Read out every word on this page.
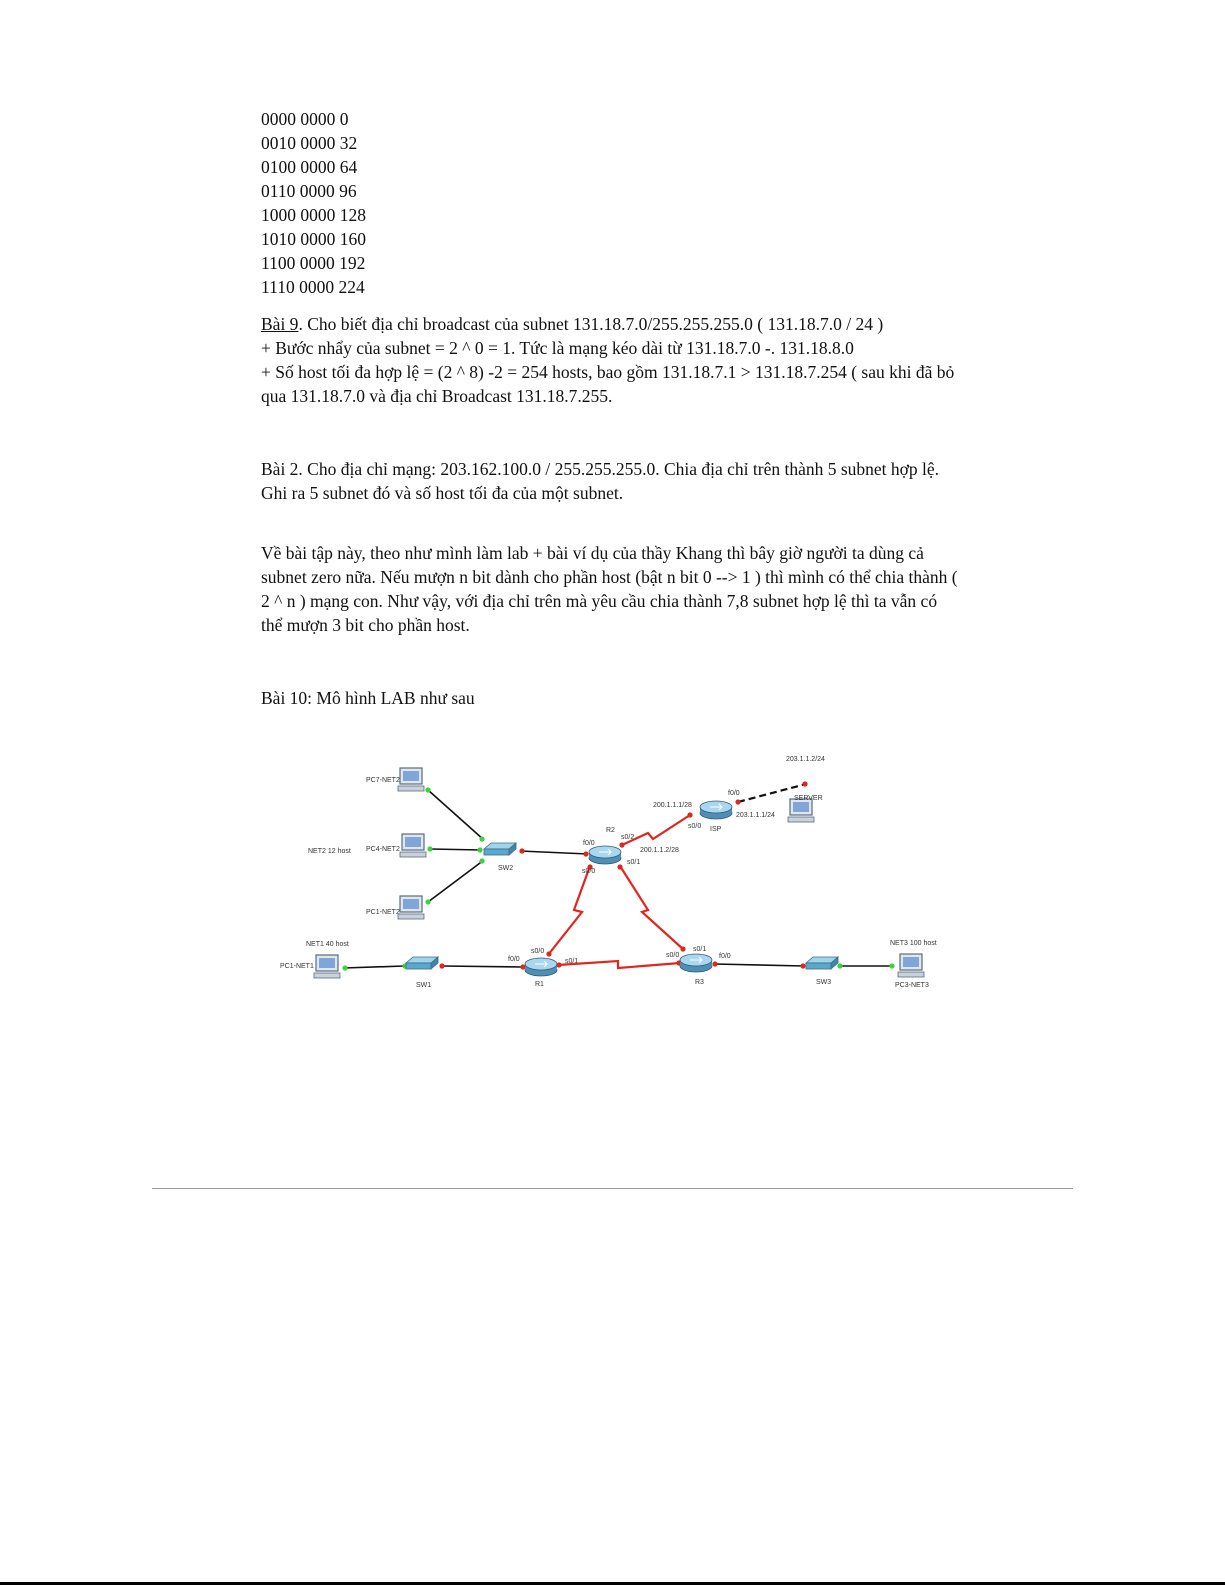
0000 0000 0
0010 0000 32
0100 0000 64
0110 0000 96
1000 0000 128
1010 0000 160
1100 0000 192
1110 0000 224

Bài 9. Cho biết địa chỉ broadcast của subnet 131.18.7.0/255.255.255.0 ( 131.18.7.0 / 24 )

+ Bước nhẩy của subnet = 2 ^ 0 = 1. Tức là mạng kéo dài từ 131.18.7.0 -. 131.18.8.0

+ Số host tối đa hợp lệ = (2 ^ 8) -2 = 254 hosts, bao gồm 131.18.7.1 > 131.18.7.254 ( sau khi đã bỏ qua 131.18.7.0 và địa chỉ Broadcast 131.18.7.255.

Bài 2. Cho địa chỉ mạng: 203.162.100.0 / 255.255.255.0. Chia địa chỉ trên thành 5 subnet hợp lệ. Ghi ra 5 subnet đó và số host tối đa của một subnet.

Về bài tập này, theo như mình làm lab + bài ví dụ của thầy Khang thì bây giờ người ta dùng cả subnet zero nữa. Nếu mượn n bit dành cho phần host (bật n bit 0 --> 1 ) thì mình có thể chia thành ( 2 ^ n ) mạng con. Như vậy, với địa chỉ trên mà yêu cầu chia thành 7,8 subnet hợp lệ thì ta vẫn có thể mượn 3 bit cho phần host.

Bài 10: Mô hình LAB như sau

PC7-NET2
PC4-NET2
PC1-NET2
NET2 12 host
SW2
R2
f0/0
s0/2
s0/0
s0/1
200.1.1.2/28
ISP
s0/0
f0/0
200.1.1.1/28
203.1.1.1/24
203.1.1.2/24
SERVER
NET1 40 host
PC1-NET1
SW1
f0/0
s0/0
s0/1
R1
s0/0
s0/1
f0/0
R3	SW3
NET3 100 host
PC3-NET3
